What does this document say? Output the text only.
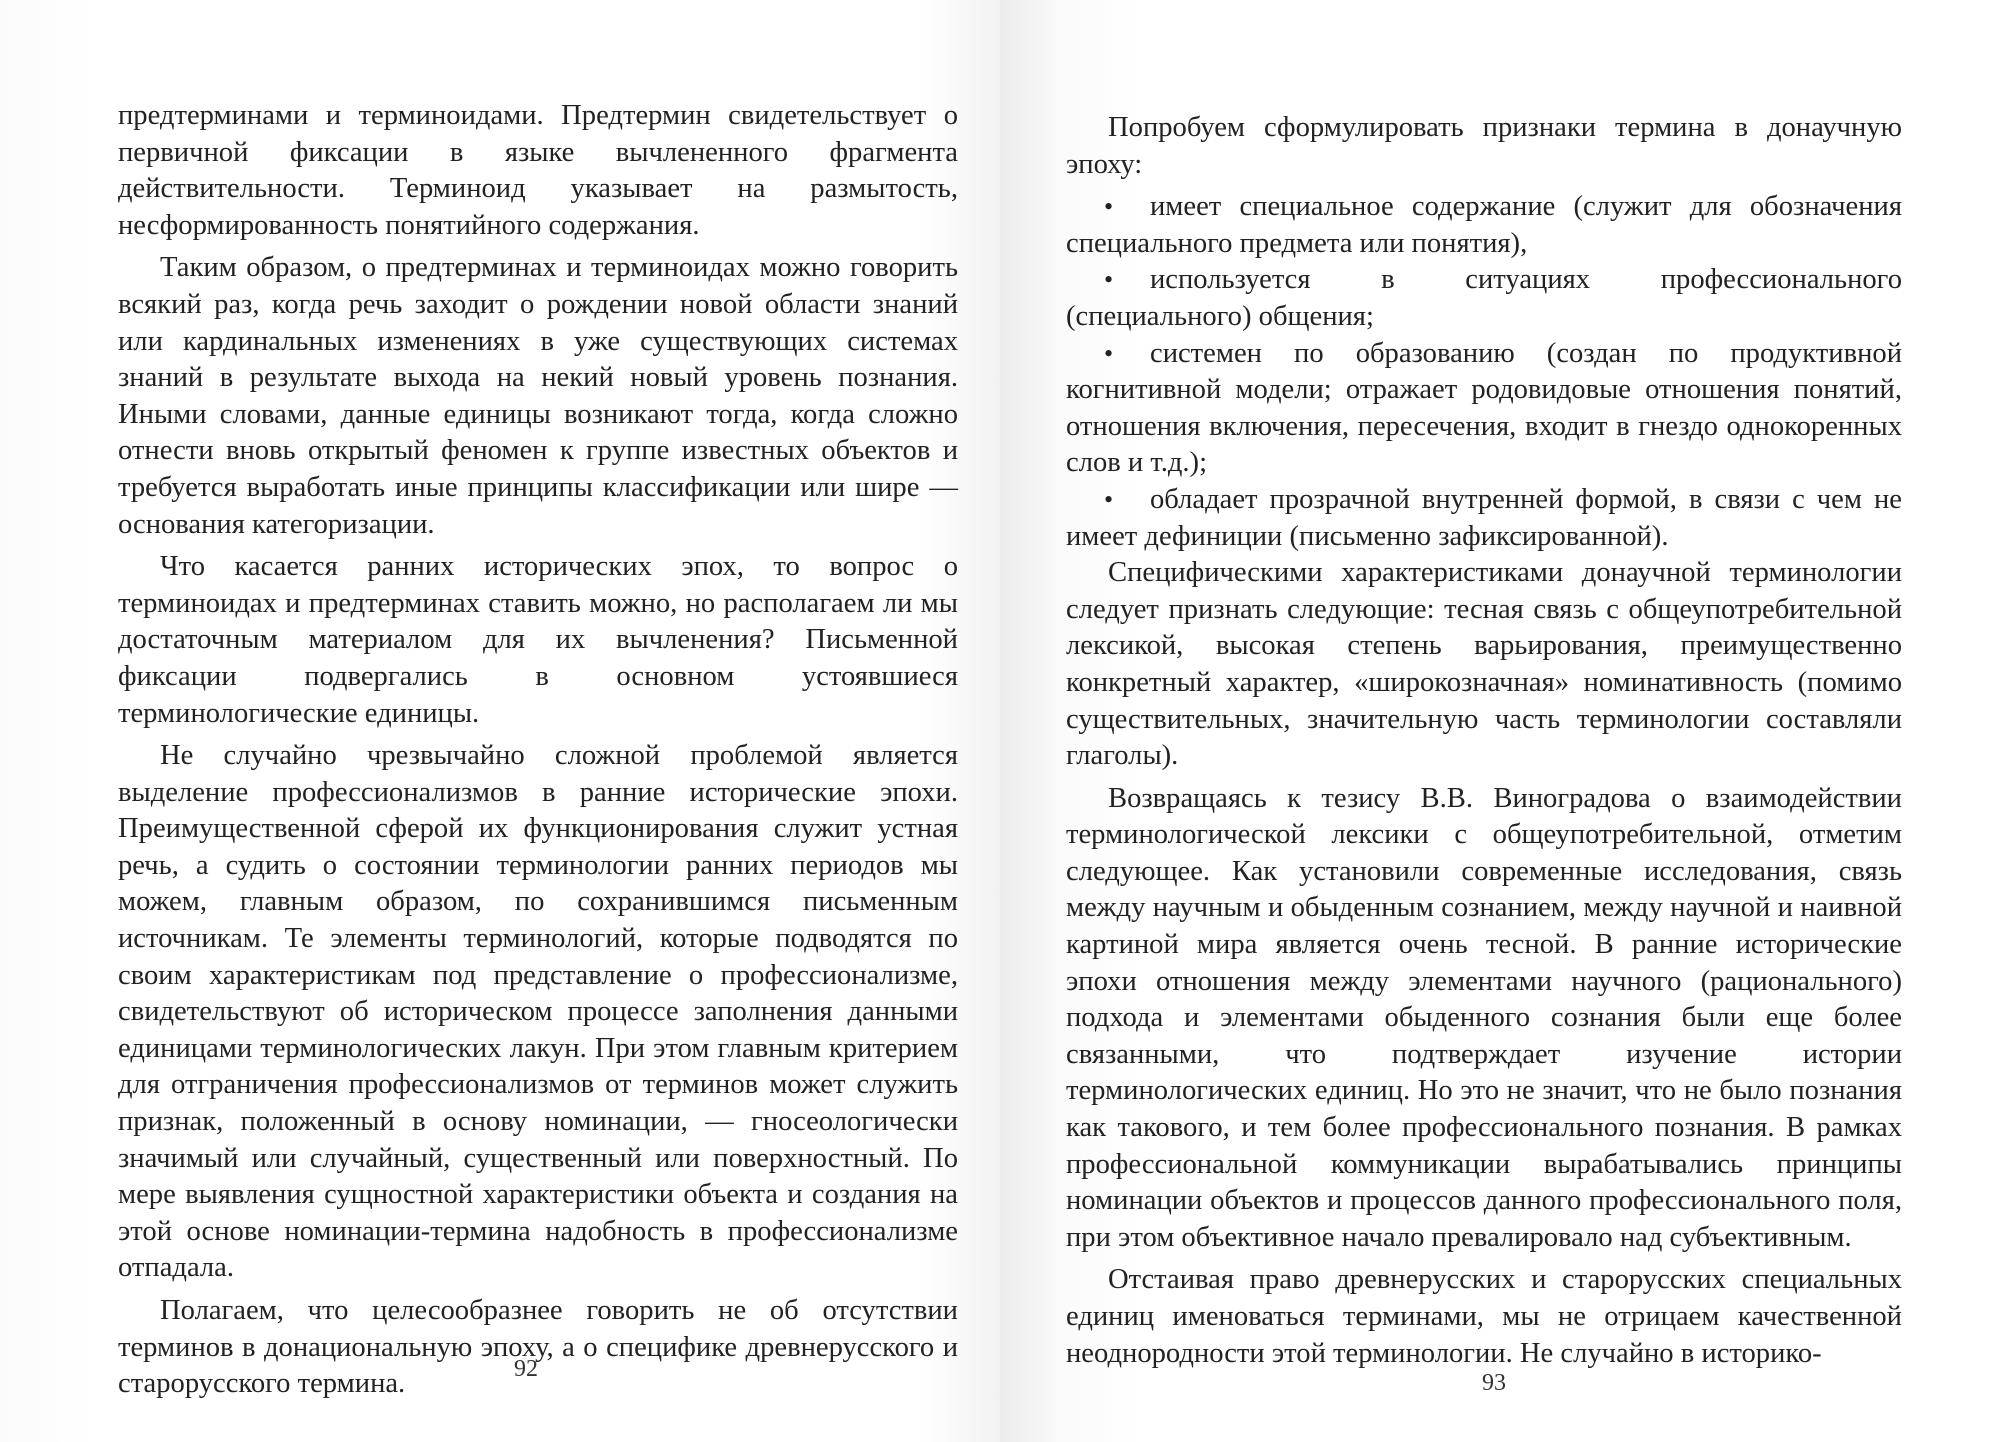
предтерминами и терминоидами. Предтермин свидетельствует о первичной фиксации в языке вычлененного фрагмента действительности. Терминоид указывает на размытость, несформированность понятийного содержания.

Таким образом, о предтерминах и терминоидах можно говорить всякий раз, когда речь заходит о рождении новой области знаний или кардинальных изменениях в уже существующих системах знаний в результате выхода на некий новый уровень познания. Иными словами, данные единицы возникают тогда, когда сложно отнести вновь открытый феномен к группе известных объектов и требуется выработать иные принципы классификации или шире — основания категоризации.

Что касается ранних исторических эпох, то вопрос о терминоидах и предтерминах ставить можно, но располагаем ли мы достаточным материалом для их вычленения? Письменной фиксации подвергались в основном устоявшиеся терминологические единицы.

Не случайно чрезвычайно сложной проблемой является выделение профессионализмов в ранние исторические эпохи. Преимущественной сферой их функционирования служит устная речь, а судить о состоянии терминологии ранних периодов мы можем, главным образом, по сохранившимся письменным источникам. Те элементы терминологий, которые подводятся по своим характеристикам под представление о профессионализме, свидетельствуют об историческом процессе заполнения данными единицами терминологических лакун. При этом главным критерием для отграничения профессионализмов от терминов может служить признак, положенный в основу номинации, — гносеологически значимый или случайный, существенный или поверхностный. По мере выявления сущностной характеристики объекта и создания на этой основе номинации-термина надобность в профессионализме отпадала.

Полагаем, что целесообразнее говорить не об отсутствии терминов в донациональную эпоху, а о специфике древнерусского и старорусского термина.	92

Попробуем сформулировать признаки термина в донаучную эпоху:

• имеет специальное содержание (служит для обозначения специального предмета или понятия),
• используется в ситуациях профессионального (специального) общения;
• системен по образованию (создан по продуктивной когнитивной модели; отражает родовидовые отношения понятий, отношения включения, пересечения, входит в гнездо однокоренных слов и т.д.);
• обладает прозрачной внутренней формой, в связи с чем не имеет дефиниции (письменно зафиксированной).

Специфическими характеристиками донаучной терминологии следует признать следующие: тесная связь с общеупотребительной лексикой, высокая степень варьирования, преимущественно конкретный характер, «широкозначная» номинативность (помимо существительных, значительную часть терминологии составляли глаголы).

Возвращаясь к тезису В.В. Виноградова о взаимодействии терминологической лексики с общеупотребительной, отметим следующее. Как установили современные исследования, связь между научным и обыденным сознанием, между научной и наивной картиной мира является очень тесной. В ранние исторические эпохи отношения между элементами научного (рационального) подхода и элементами обыденного сознания были еще более связанными, что подтверждает изучение истории терминологических единиц. Но это не значит, что не было познания как такового, и тем более профессионального познания. В рамках профессиональной коммуникации вырабатывались принципы номинации объектов и процессов данного профессионального поля, при этом объективное начало превалировало над субъективным.

Отстаивая право древнерусских и старорусских специальных единиц именоваться терминами, мы не отрицаем качественной неоднородности этой терминологии. Не случайно в историко-

93
